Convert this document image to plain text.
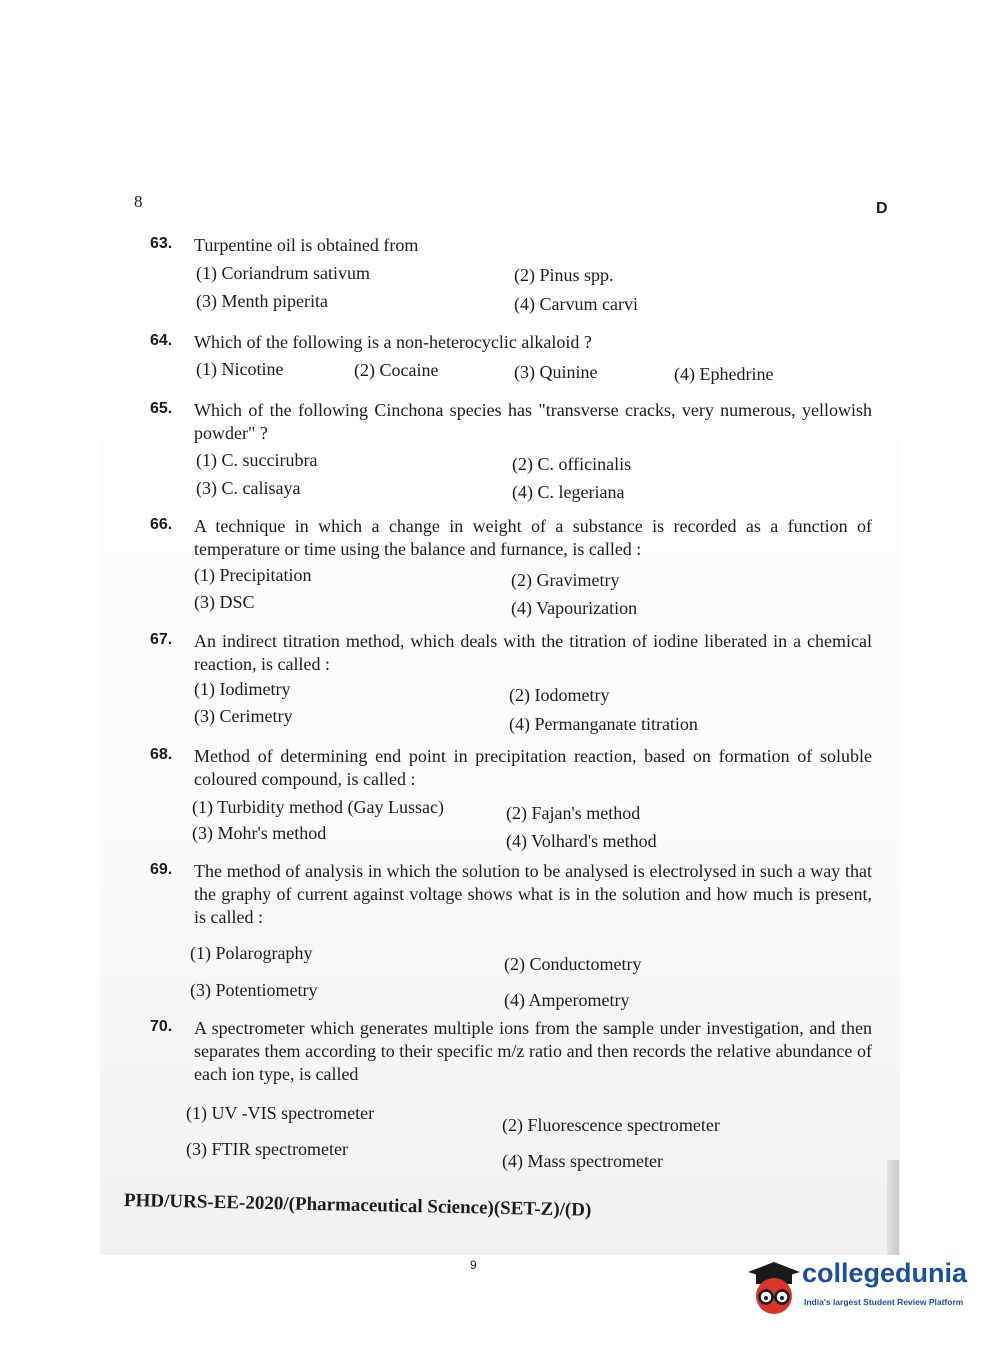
8	D
63.	Turpentine oil is obtained from
(1) Coriandrum sativum	(2) Pinus spp.
(3) Menth piperita	(4) Carvum carvi
64.	Which of the following is a non-heterocyclic alkaloid ?
(1) Nicotine	(2) Cocaine	(3) Quinine	(4) Ephedrine
65.	Which of the following Cinchona species has "transverse cracks, very numerous, yellowish powder" ?
(1) C. succirubra	(2) C. officinalis
(3) C. calisaya	(4) C. legeriana
66.	A technique in which a change in weight of a substance is recorded as a function of temperature or time using the balance and furnance, is called :
(1) Precipitation	(2) Gravimetry
(3) DSC	(4) Vapourization
67.	An indirect titration method, which deals with the titration of iodine liberated in a chemical reaction, is called :
(1) Iodimetry	(2) Iodometry
(3) Cerimetry	(4) Permanganate titration
68.	Method of determining end point in precipitation reaction, based on formation of soluble coloured compound, is called :
(1) Turbidity method (Gay Lussac)	(2) Fajan's method
(3) Mohr's method	(4) Volhard's method
69.	The method of analysis in which the solution to be analysed is electrolysed in such a way that the graphy of current against voltage shows what is in the solution and how much is present, is called :
(1) Polarography
(2) Conductometry
(3) Potentiometry	(4) Amperometry
70.	A spectrometer which generates multiple ions from the sample under investigation, and then separates them according to their specific m/z ratio and then records the relative abundance of each ion type, is called
(1) UV -VIS spectrometer
(2) Fluorescence spectrometer
(3) FTIR spectrometer
(4) Mass spectrometer
PHD/URS-EE-2020/(Pharmaceutical Science)(SET-Z)/(D)
9	collegedunia
India's largest Student Review Platform
